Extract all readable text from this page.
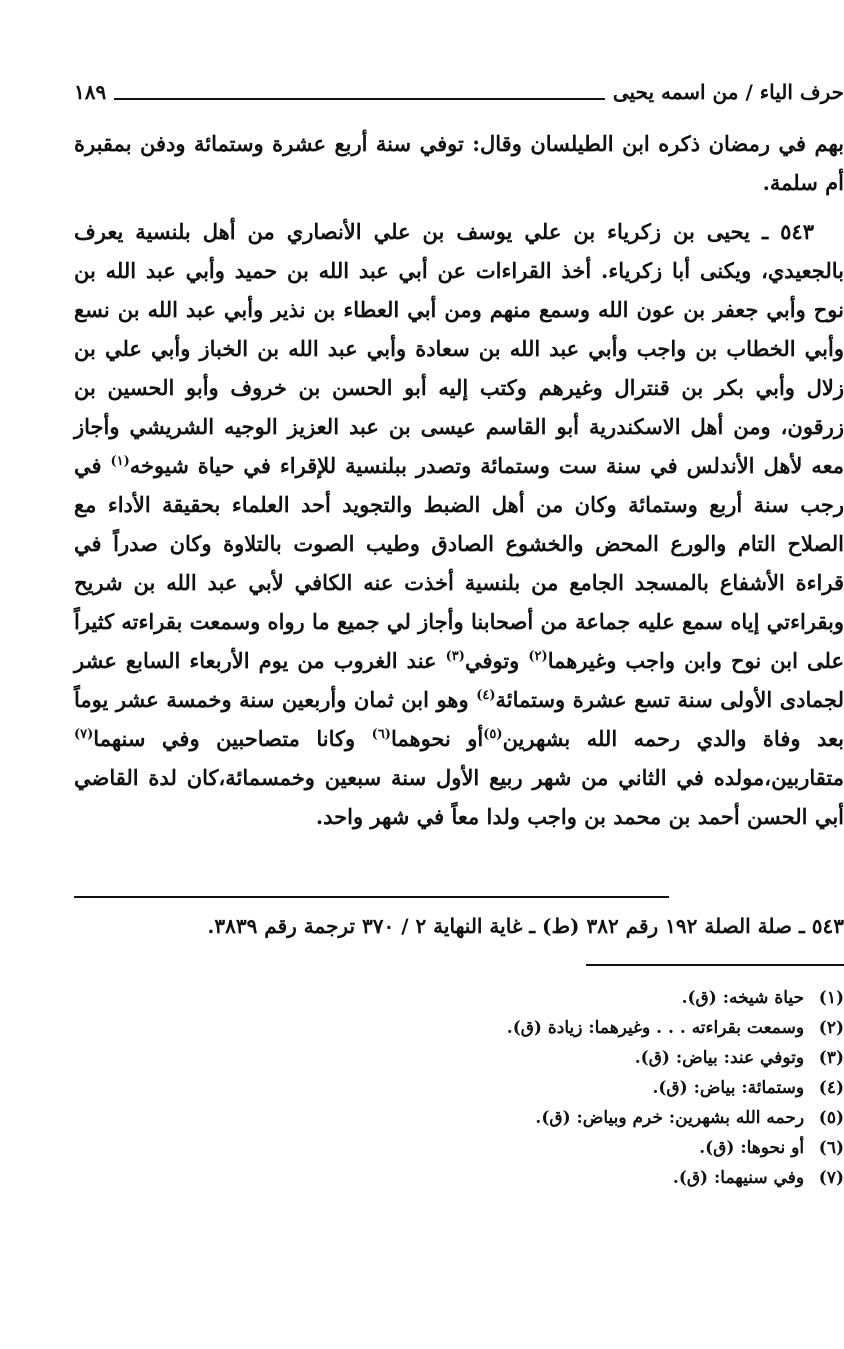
حرف الياء / من اسمه يحيى
١٨٩

بهم في رمضان ذكره ابن الطيلسان وقال: توفي سنة أربع عشرة وستمائة ودفن بمقبرة أم سلمة.

٥٤٣ ـ يحيى بن زكرياء بن علي يوسف بن علي الأنصاري من أهل بلنسية يعرف بالجعيدي، ويكنى أبا زكرياء. أخذ القراءات عن أبي عبد الله بن حميد وأبي عبد الله بن نوح وأبي جعفر بن عون الله وسمع منهم ومن أبي العطاء بن نذير وأبي عبد الله بن نسع وأبي الخطاب بن واجب وأبي عبد الله بن سعادة وأبي عبد الله بن الخباز وأبي علي بن زلال وأبي بكر بن قنترال وغيرهم وكتب إليه أبو الحسن بن خروف وأبو الحسين بن زرقون، ومن أهل الاسكندرية أبو القاسم عيسى بن عبد العزيز الوجيه الشريشي وأجاز معه لأهل الأندلس في سنة ست وستمائة وتصدر ببلنسية للإقراء في حياة شيوخه$^{(١)}$ في رجب سنة أربع وستمائة وكان من أهل الضبط والتجويد أحد العلماء بحقيقة الأداء مع الصلاح التام والورع المحض والخشوع الصادق وطيب الصوت بالتلاوة وكان صدراً في قراءة الأشفاع بالمسجد الجامع من بلنسية أخذت عنه الكافي لأبي عبد الله بن شريح وبقراءتي إياه سمع عليه جماعة من أصحابنا وأجاز لي جميع ما رواه وسمعت بقراءته كثيراً على ابن نوح وابن واجب وغيرهما$^{(٢)}$ وتوفي$^{(٣)}$ عند الغروب من يوم الأربعاء السابع عشر لجمادى الأولى سنة تسع عشرة وستمائة$^{(٤)}$ وهو ابن ثمان وأربعين سنة وخمسة عشر يوماً بعد وفاة والدي رحمه الله بشهرين$^{(٥)}$أو نحوهما$^{(٦)}$ وكانا متصاحبين وفي سنهما$^{(٧)}$ متقاربين،مولده في الثاني من شهر ربيع الأول سنة سبعين وخمسمائة،كان لدة القاضي أبي الحسن أحمد بن محمد بن واجب ولدا معاً في شهر واحد.

٥٤٣ ـ صلة الصلة ١٩٢ رقم ٣٨٢ (ط) ـ غاية النهاية ٢ / ٣٧٠ ترجمة رقم ٣٨٣٩.
(١) حياة شيخه: (ق).
(٢) وسمعت بقراءته . . . وغيرهما: زيادة (ق).
(٣) وتوفي عند: بياض: (ق).
(٤) وستمائة: بياض: (ق).
(٥) رحمه الله بشهرين: خرم وبياض: (ق).
(٦) أو نحوها: (ق).
(٧) وفي سنيهما: (ق).
